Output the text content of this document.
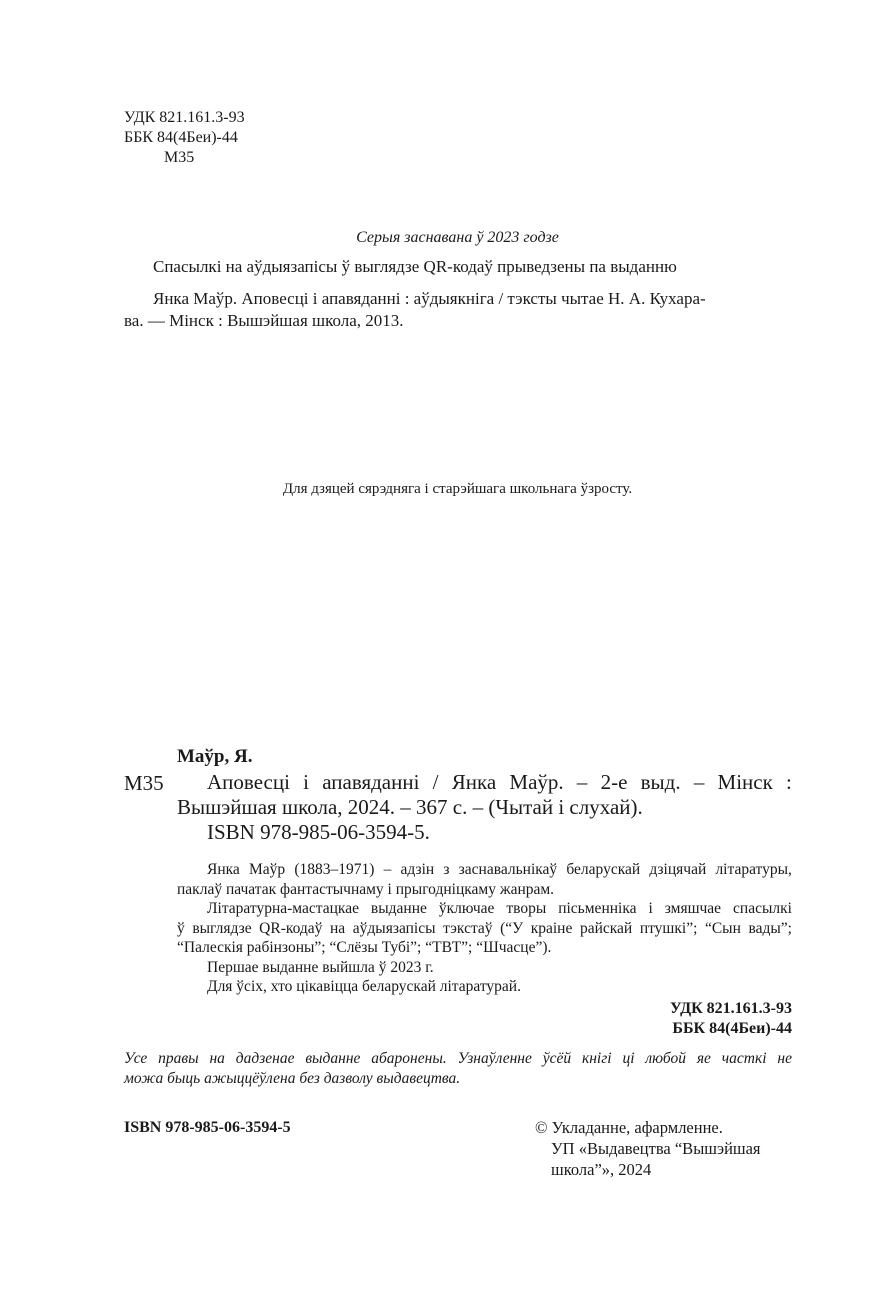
УДК 821.161.3-93
ББК 84(4Беи)-44
М35
Серыя заснавана ў 2023 годзе
Спасылкі на аўдыязапісы ў выглядзе QR-кодаў прыведзены па выданню
Янка Маўр. Аповесці і апавяданні : аўдыякніга / тэксты чытае Н. А. Кухара-
ва. — Мінск : Вышэйшая школа, 2013.
Для дзяцей сярэдняга і старэйшага школьнага ўзросту.
Маўр, Я.
М35 Аповесці і апавяданні / Янка Маўр. – 2-е выд. – Мінск :
Вышэйшая школа, 2024. – 367 с. – (Чытай і слухай).
ISBN 978-985-06-3594-5.
Янка Маўр (1883–1971) – адзін з заснавальнікаў беларускай дзіцячай літаратуры,
паклаў пачатак фантастычнаму і прыгодніцкаму жанрам.
Літаратурна-мастацкае выданне ўключае творы пісьменніка і змяшчае спасылкі
ў выглядзе QR-кодаў на аўдыязапісы тэкстаў (“У краіне райскай птушкі”; “Сын вады”;
“Палескія рабінзоны”; “Слёзы Тубі”; “ТВТ”; “Шчасце”).
Першае выданне выйшла ў 2023 г.
Для ўсіх, хто цікавіцца беларускай літаратурай.
УДК 821.161.3-93
ББК 84(4Беи)-44
Усе правы на дадзенае выданне абаронены. Узнаўленне ўсёй кнігі ці любой яе часткі не
можа быць ажыццёўлена без дазволу выдавецтва.
ISBN 978-985-06-3594-5	© Укладанне, афармленне.
УП «Выдавецтва “Вышэйшая
школа”», 2024
